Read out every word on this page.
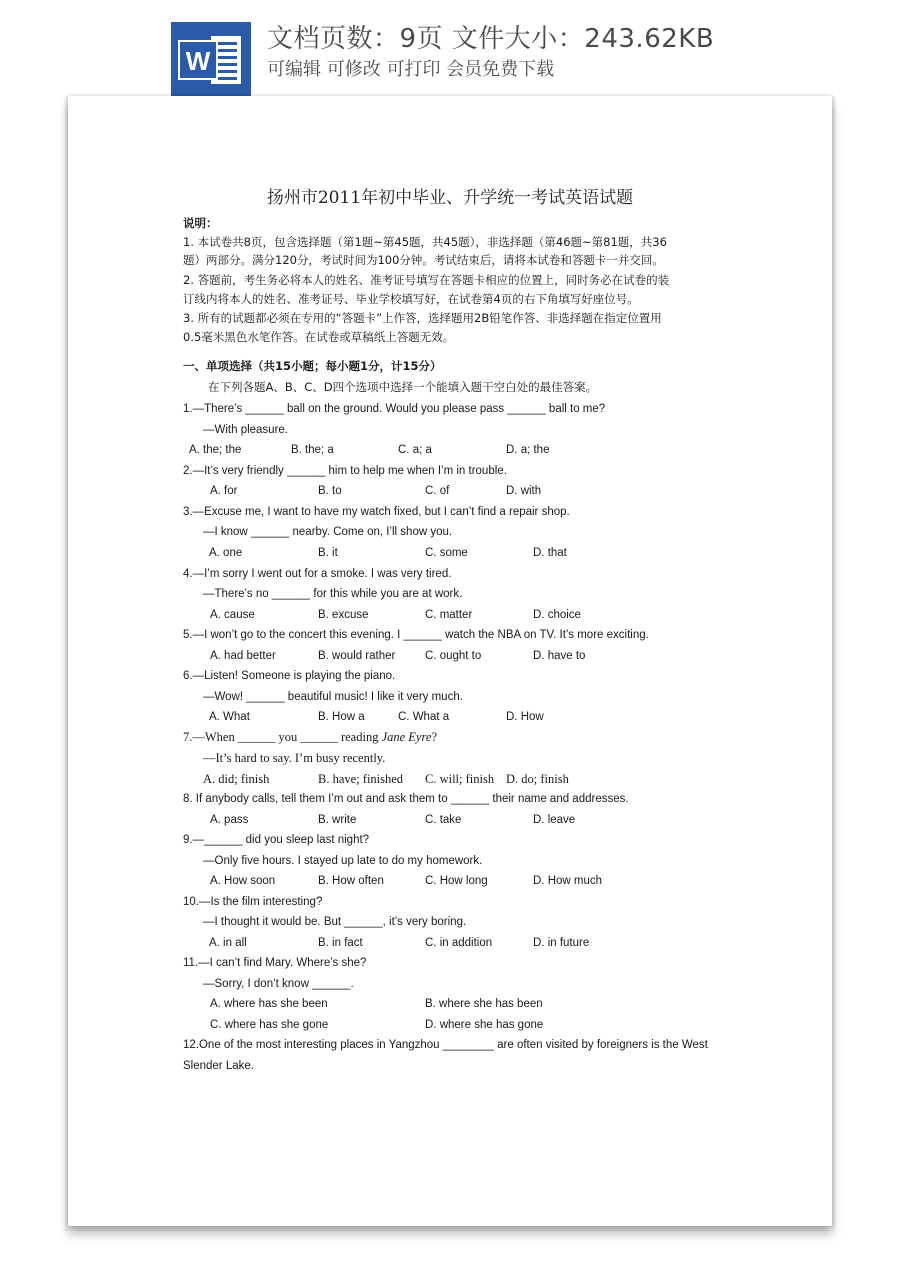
W
文档页数：9页 文件大小：243.62KB
可编辑 可修改 可打印 会员免费下载
扬州市2011年初中毕业、升学统一考试英语试题
说明：
1. 本试卷共8页，包含选择题（第1题~第45题，共45题），非选择题（第46题~第81题，共36
题）两部分。满分120分，考试时间为100分钟。考试结束后，请将本试卷和答题卡一并交回。
2. 答题前，考生务必将本人的姓名、准考证号填写在答题卡相应的位置上，同时务必在试卷的装
订线内将本人的姓名、准考证号、毕业学校填写好，在试卷第4页的右下角填写好座位号。
3. 所有的试题都必须在专用的“答题卡”上作答，选择题用2B铅笔作答、非选择题在指定位置用
0.5毫米黑色水笔作答。在试卷或草稿纸上答题无效。
一、单项选择（共15小题；每小题1分，计15分）
在下列各题A、B、C、D四个选项中选择一个能填入题干空白处的最佳答案。
1.—There’s ______ ball on the ground. Would you please pass ______ ball to me?
—With pleasure.
A. the; the	B. the; a	C. a; a	D. a; the
2.—It’s very friendly ______ him to help me when I’m in trouble.
A. for	B. to	C. of	D. with
3.—Excuse me, I want to have my watch fixed, but I can’t find a repair shop.
—I know ______ nearby. Come on, I’ll show you.
A. one	B. it	C. some	D. that
4.—I’m sorry I went out for a smoke. I was very tired.
—There’s no ______ for this while you are at work.
A. cause	B. excuse	C. matter	D. choice
5.—I won’t go to the concert this evening. I ______ watch the NBA on TV. It’s more exciting.
A. had better	B. would rather	C. ought to	D. have to
6.—Listen! Someone is playing the piano.
—Wow! ______ beautiful music! I like it very much.
A. What	B. How a	C. What a	D. How
7.—When ______ you ______ reading Jane Eyre?
—It’s hard to say. I’m busy recently.
A. did; finish	B. have; finished C. will; finish D. do; finish
8. If anybody calls, tell them I’m out and ask them to ______ their name and addresses.
A. pass	B. write	C. take	D. leave
9.—______ did you sleep last night?
—Only five hours. I stayed up late to do my homework.
A. How soon	B. How often	C. How long	D. How much
10.—Is the film interesting?
—I thought it would be. But ______, it’s very boring.
A. in all	B. in fact	C. in addition	D. in future
11.—I can’t find Mary. Where’s she?
—Sorry, I don’t know ______.
A. where has she been	B. where she has been
C. where has she gone	D. where she has gone
12.One of the most interesting places in Yangzhou ________ are often visited by foreigners is the West
Slender Lake.
